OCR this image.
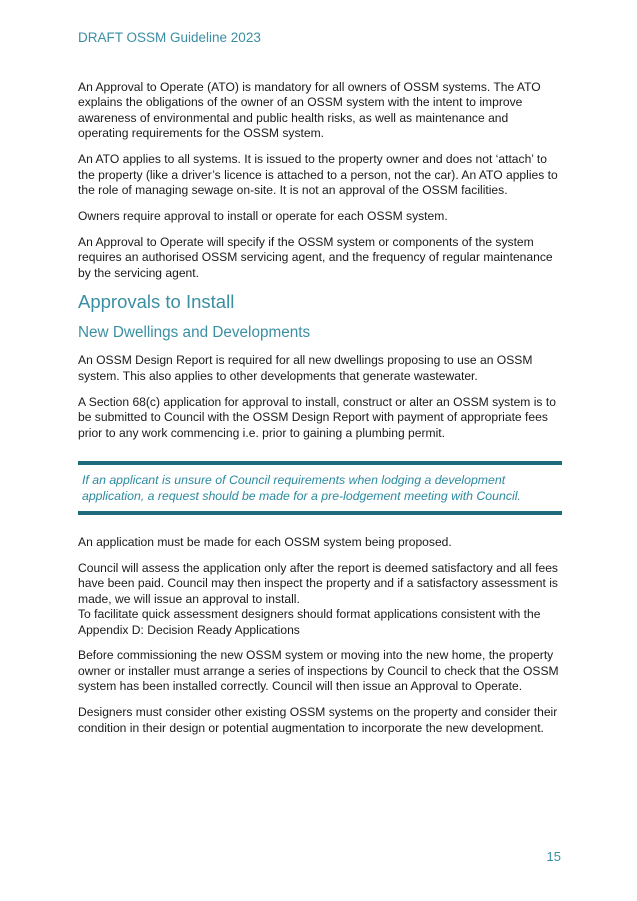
DRAFT OSSM Guideline 2023

An Approval to Operate (ATO) is mandatory for all owners of OSSM systems. The ATO explains the obligations of the owner of an OSSM system with the intent to improve awareness of environmental and public health risks, as well as maintenance and operating requirements for the OSSM system.

An ATO applies to all systems. It is issued to the property owner and does not ‘attach’ to the property (like a driver’s licence is attached to a person, not the car). An ATO applies to the role of managing sewage on-site. It is not an approval of the OSSM facilities.

Owners require approval to install or operate for each OSSM system.

An Approval to Operate will specify if the OSSM system or components of the system requires an authorised OSSM servicing agent, and the frequency of regular maintenance by the servicing agent.

Approvals to Install
New Dwellings and Developments

An OSSM Design Report is required for all new dwellings proposing to use an OSSM system. This also applies to other developments that generate wastewater.

A Section 68(c) application for approval to install, construct or alter an OSSM system is to be submitted to Council with the OSSM Design Report with payment of appropriate fees prior to any work commencing i.e. prior to gaining a plumbing permit.

If an applicant is unsure of Council requirements when lodging a development application, a request should be made for a pre-lodgement meeting with Council.

An application must be made for each OSSM system being proposed.

Council will assess the application only after the report is deemed satisfactory and all fees have been paid. Council may then inspect the property and if a satisfactory assessment is made, we will issue an approval to install.

To facilitate quick assessment designers should format applications consistent with the Appendix D: Decision Ready Applications

Before commissioning the new OSSM system or moving into the new home, the property owner or installer must arrange a series of inspections by Council to check that the OSSM system has been installed correctly. Council will then issue an Approval to Operate.

Designers must consider other existing OSSM systems on the property and consider their condition in their design or potential augmentation to incorporate the new development.

15
